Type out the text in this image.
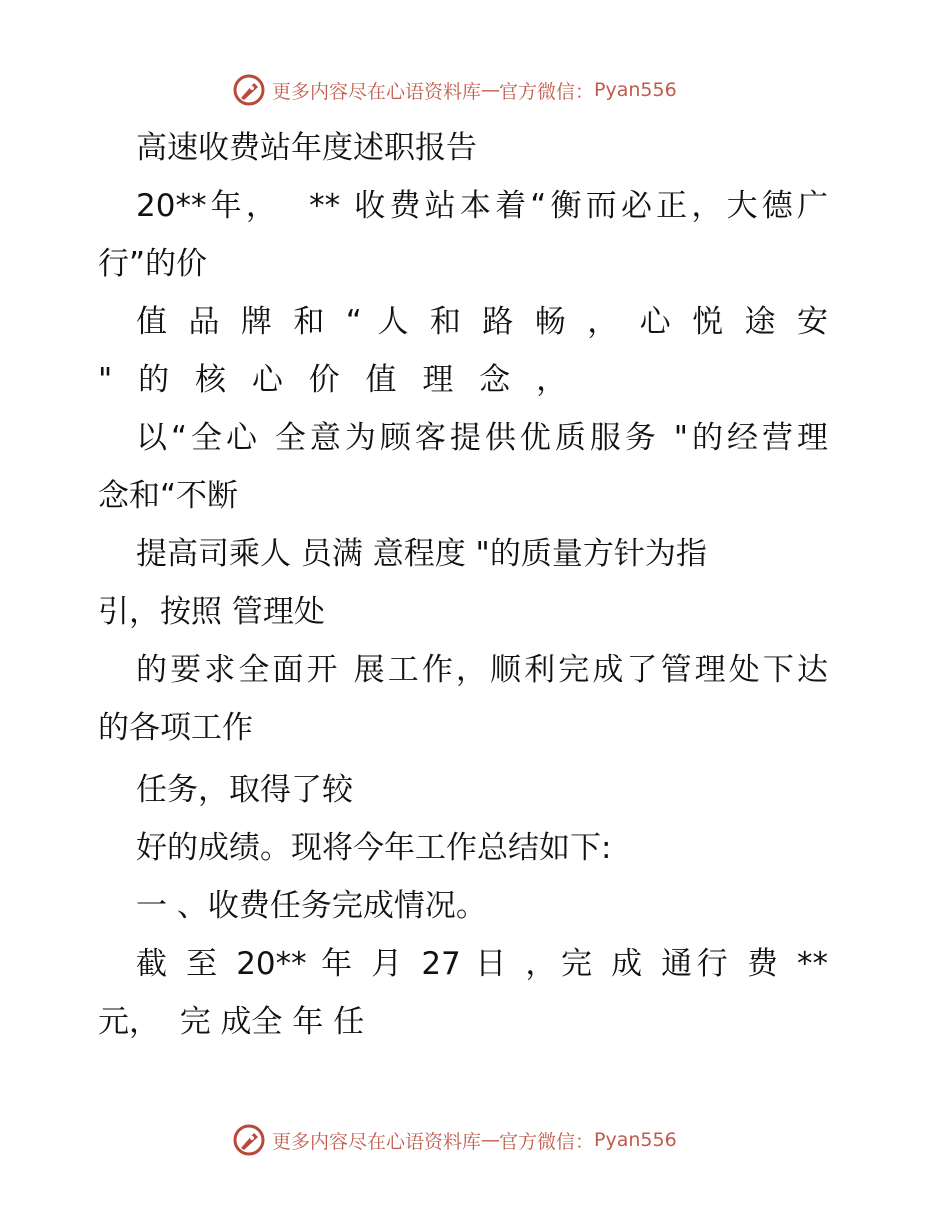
更多内容尽在心语资料库 — 官方微信： Pyan556
高速收费站年度述职报告
20**年，  ** 收费站本着“衡而必正，大德广
行”的价
值 品 牌 和 “ 人 和 路 畅 ， 心 悦 途 安
" 的 核 心 价 值 理 念 ，
以“全心 全意为顾客提供优质服务 "的经营理
念和“不断
提高司乘人 员满 意程度 "的质量方针为指
引，按照 管理处
的要求全面开 展工作，顺利完成了管理处下达
的各项工作
任务，取得了较
好的成绩。现将今年工作总结如下:
一 、收费任务完成情况。
截 至 20** 年 月 27 日 ，完 成 通行 费 **
元，  完 成全 年 任
更多内容尽在心语资料库 — 官方微信： Pyan556
